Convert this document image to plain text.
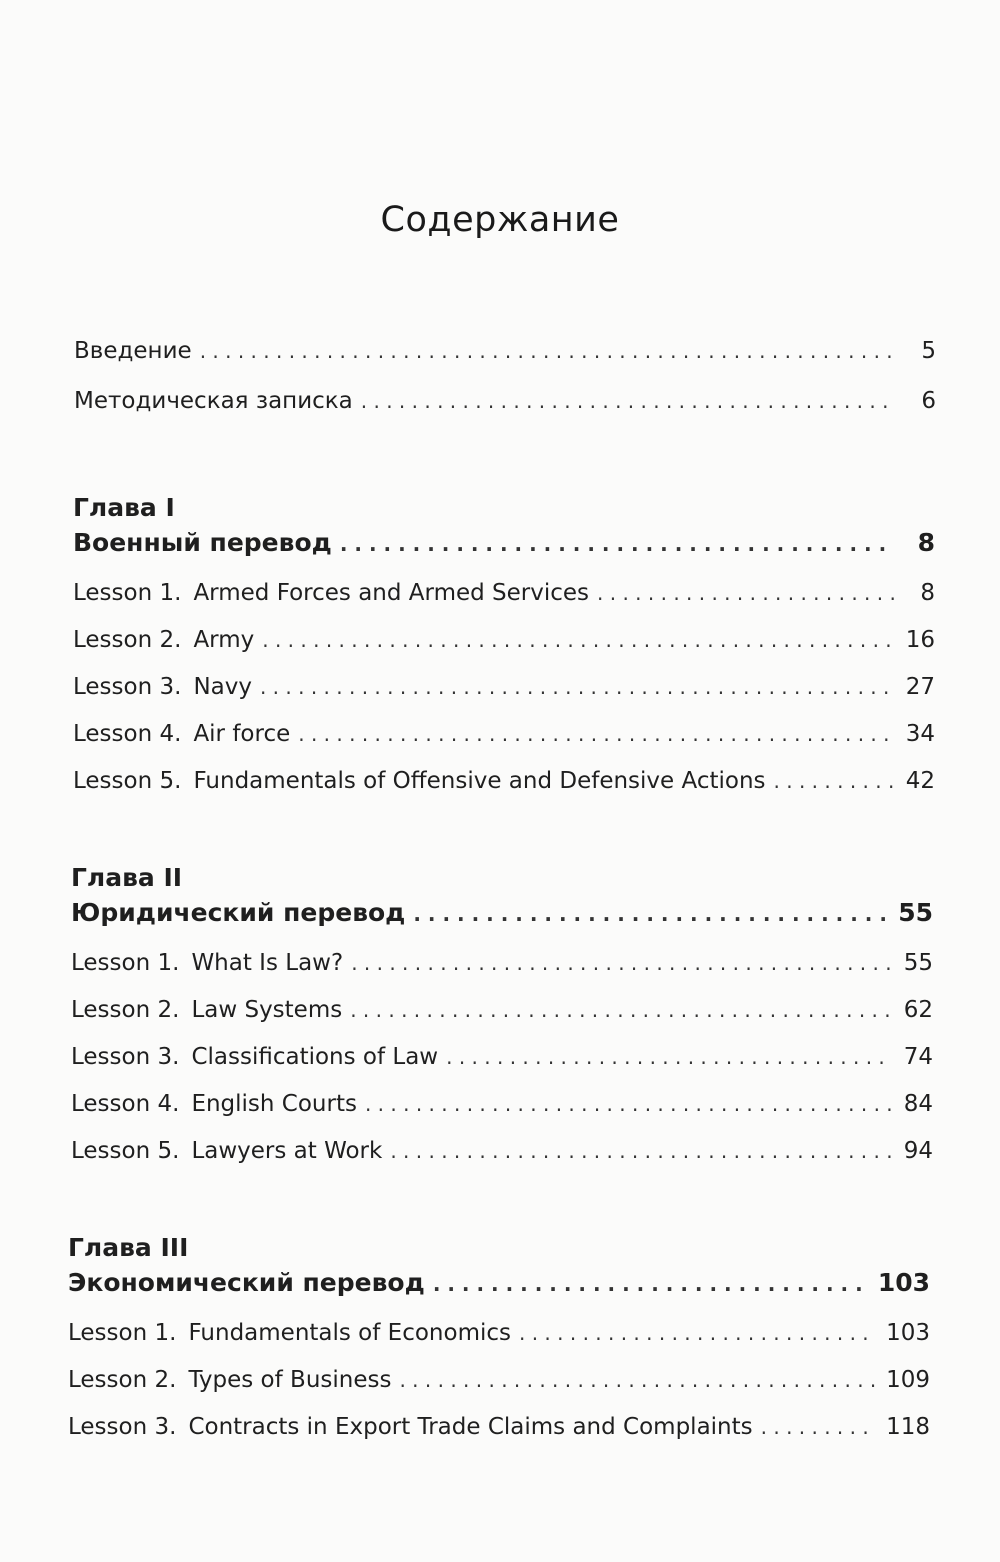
Содержание
Введение . . .	5
Методическая записка . . .	6
Глава I
Военный перевод . . .	8
Lesson 1. Armed Forces and Armed Services . . .	8
Lesson 2. Army . . .	16
Lesson 3. Navy . . .	27
Lesson 4. Air force . . .	34
Lesson 5. Fundamentals of Offensive and Defensive Actions . . .	42
Глава II
Юридический перевод . . .	55
Lesson 1. What Is Law? . . .	55
Lesson 2. Law Systems . . .	62
Lesson 3. Classifications of Law . . .	74
Lesson 4. English Courts . . .	84
Lesson 5. Lawyers at Work . . .	94
Глава III
Экономический перевод . . .	103
Lesson 1. Fundamentals of Economics . . .	103
Lesson 2. Types of Business . . .	109
Lesson 3. Contracts in Export Trade Claims and Complaints . . .	118
